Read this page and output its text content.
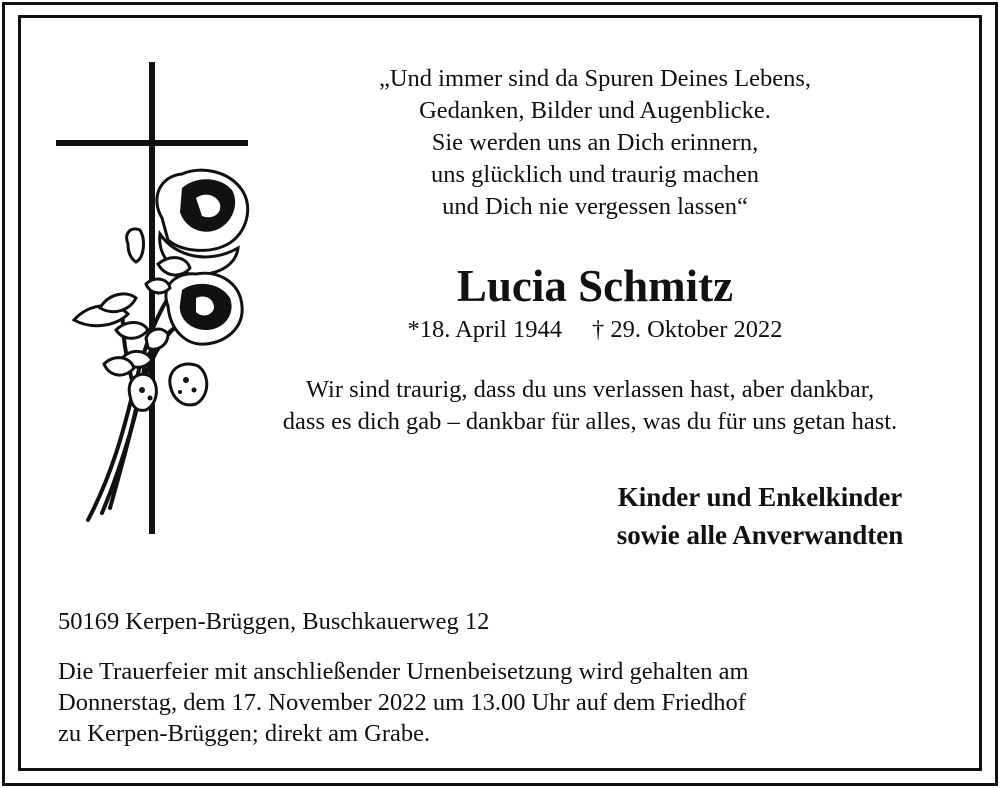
„Und immer sind da Spuren Deines Lebens,
Gedanken, Bilder und Augenblicke.
Sie werden uns an Dich erinnern,
uns glücklich und traurig machen
und Dich nie vergessen lassen“
Lucia Schmitz
*18. April 1944 † 29. Oktober 2022
Wir sind traurig, dass du uns verlassen hast, aber dankbar,
dass es dich gab – dankbar für alles, was du für uns getan hast.
Kinder und Enkelkinder
sowie alle Anverwandten
50169 Kerpen-Brüggen, Buschkauerweg 12
Die Trauerfeier mit anschließender Urnenbeisetzung wird gehalten am
Donnerstag, dem 17. November 2022 um 13.00 Uhr auf dem Friedhof
zu Kerpen-Brüggen; direkt am Grabe.
